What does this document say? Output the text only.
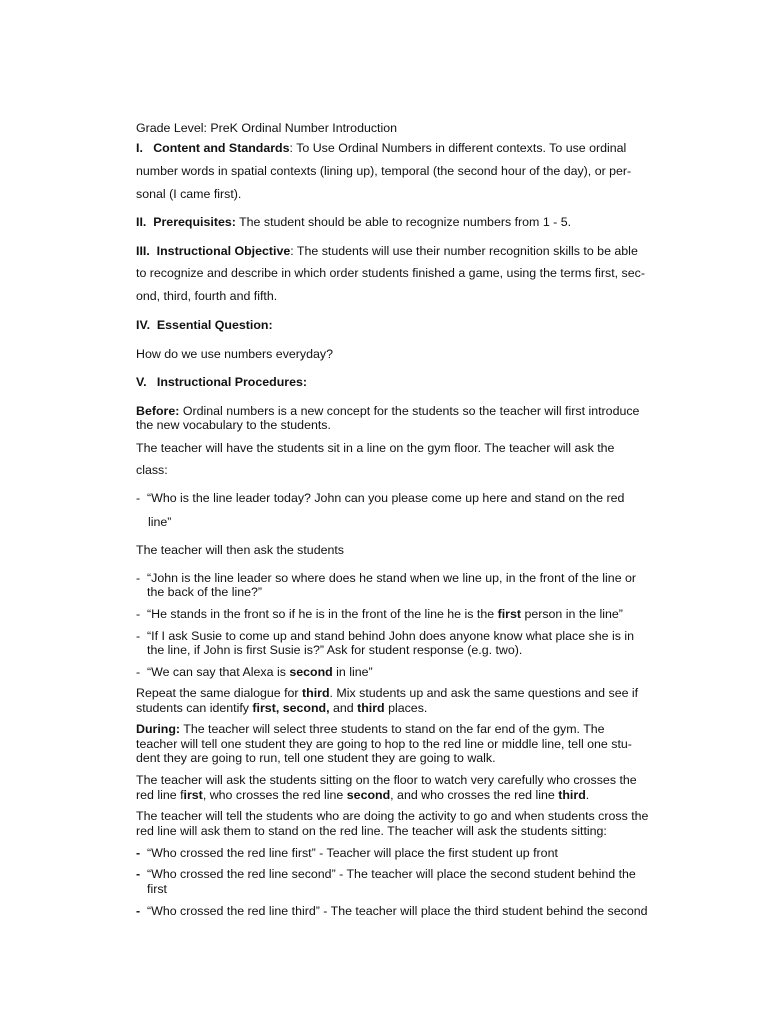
Grade Level: PreK Ordinal Number Introduction
I. Content and Standards: To Use Ordinal Numbers in different contexts. To use ordinal
number words in spatial contexts (lining up), temporal (the second hour of the day), or per-
sonal (I came first).
II. Prerequisites: The student should be able to recognize numbers from 1 - 5.
III. Instructional Objective: The students will use their number recognition skills to be able
to recognize and describe in which order students finished a game, using the terms first, sec-
ond, third, fourth and fifth.
IV. Essential Question:
How do we use numbers everyday?
V. Instructional Procedures:
Before: Ordinal numbers is a new concept for the students so the teacher will first introduce
the new vocabulary to the students.
The teacher will have the students sit in a line on the gym floor. The teacher will ask the
class:
- “Who is the line leader today? John can you please come up here and stand on the red
line”
The teacher will then ask the students
- “John is the line leader so where does he stand when we line up, in the front of the line or
the back of the line?”
- “He stands in the front so if he is in the front of the line he is the first person in the line”
- “If I ask Susie to come up and stand behind John does anyone know what place she is in
the line, if John is first Susie is?” Ask for student response (e.g. two).
- “We can say that Alexa is second in line”
Repeat the same dialogue for third. Mix students up and ask the same questions and see if
students can identify first, second, and third places.
During: The teacher will select three students to stand on the far end of the gym. The
teacher will tell one student they are going to hop to the red line or middle line, tell one stu-
dent they are going to run, tell one student they are going to walk.
The teacher will ask the students sitting on the floor to watch very carefully who crosses the
red line first, who crosses the red line second, and who crosses the red line third.
The teacher will tell the students who are doing the activity to go and when students cross the
red line will ask them to stand on the red line. The teacher will ask the students sitting:
- “Who crossed the red line first” - Teacher will place the first student up front
- “Who crossed the red line second” - The teacher will place the second student behind the
first
- “Who crossed the red line third” - The teacher will place the third student behind the second
